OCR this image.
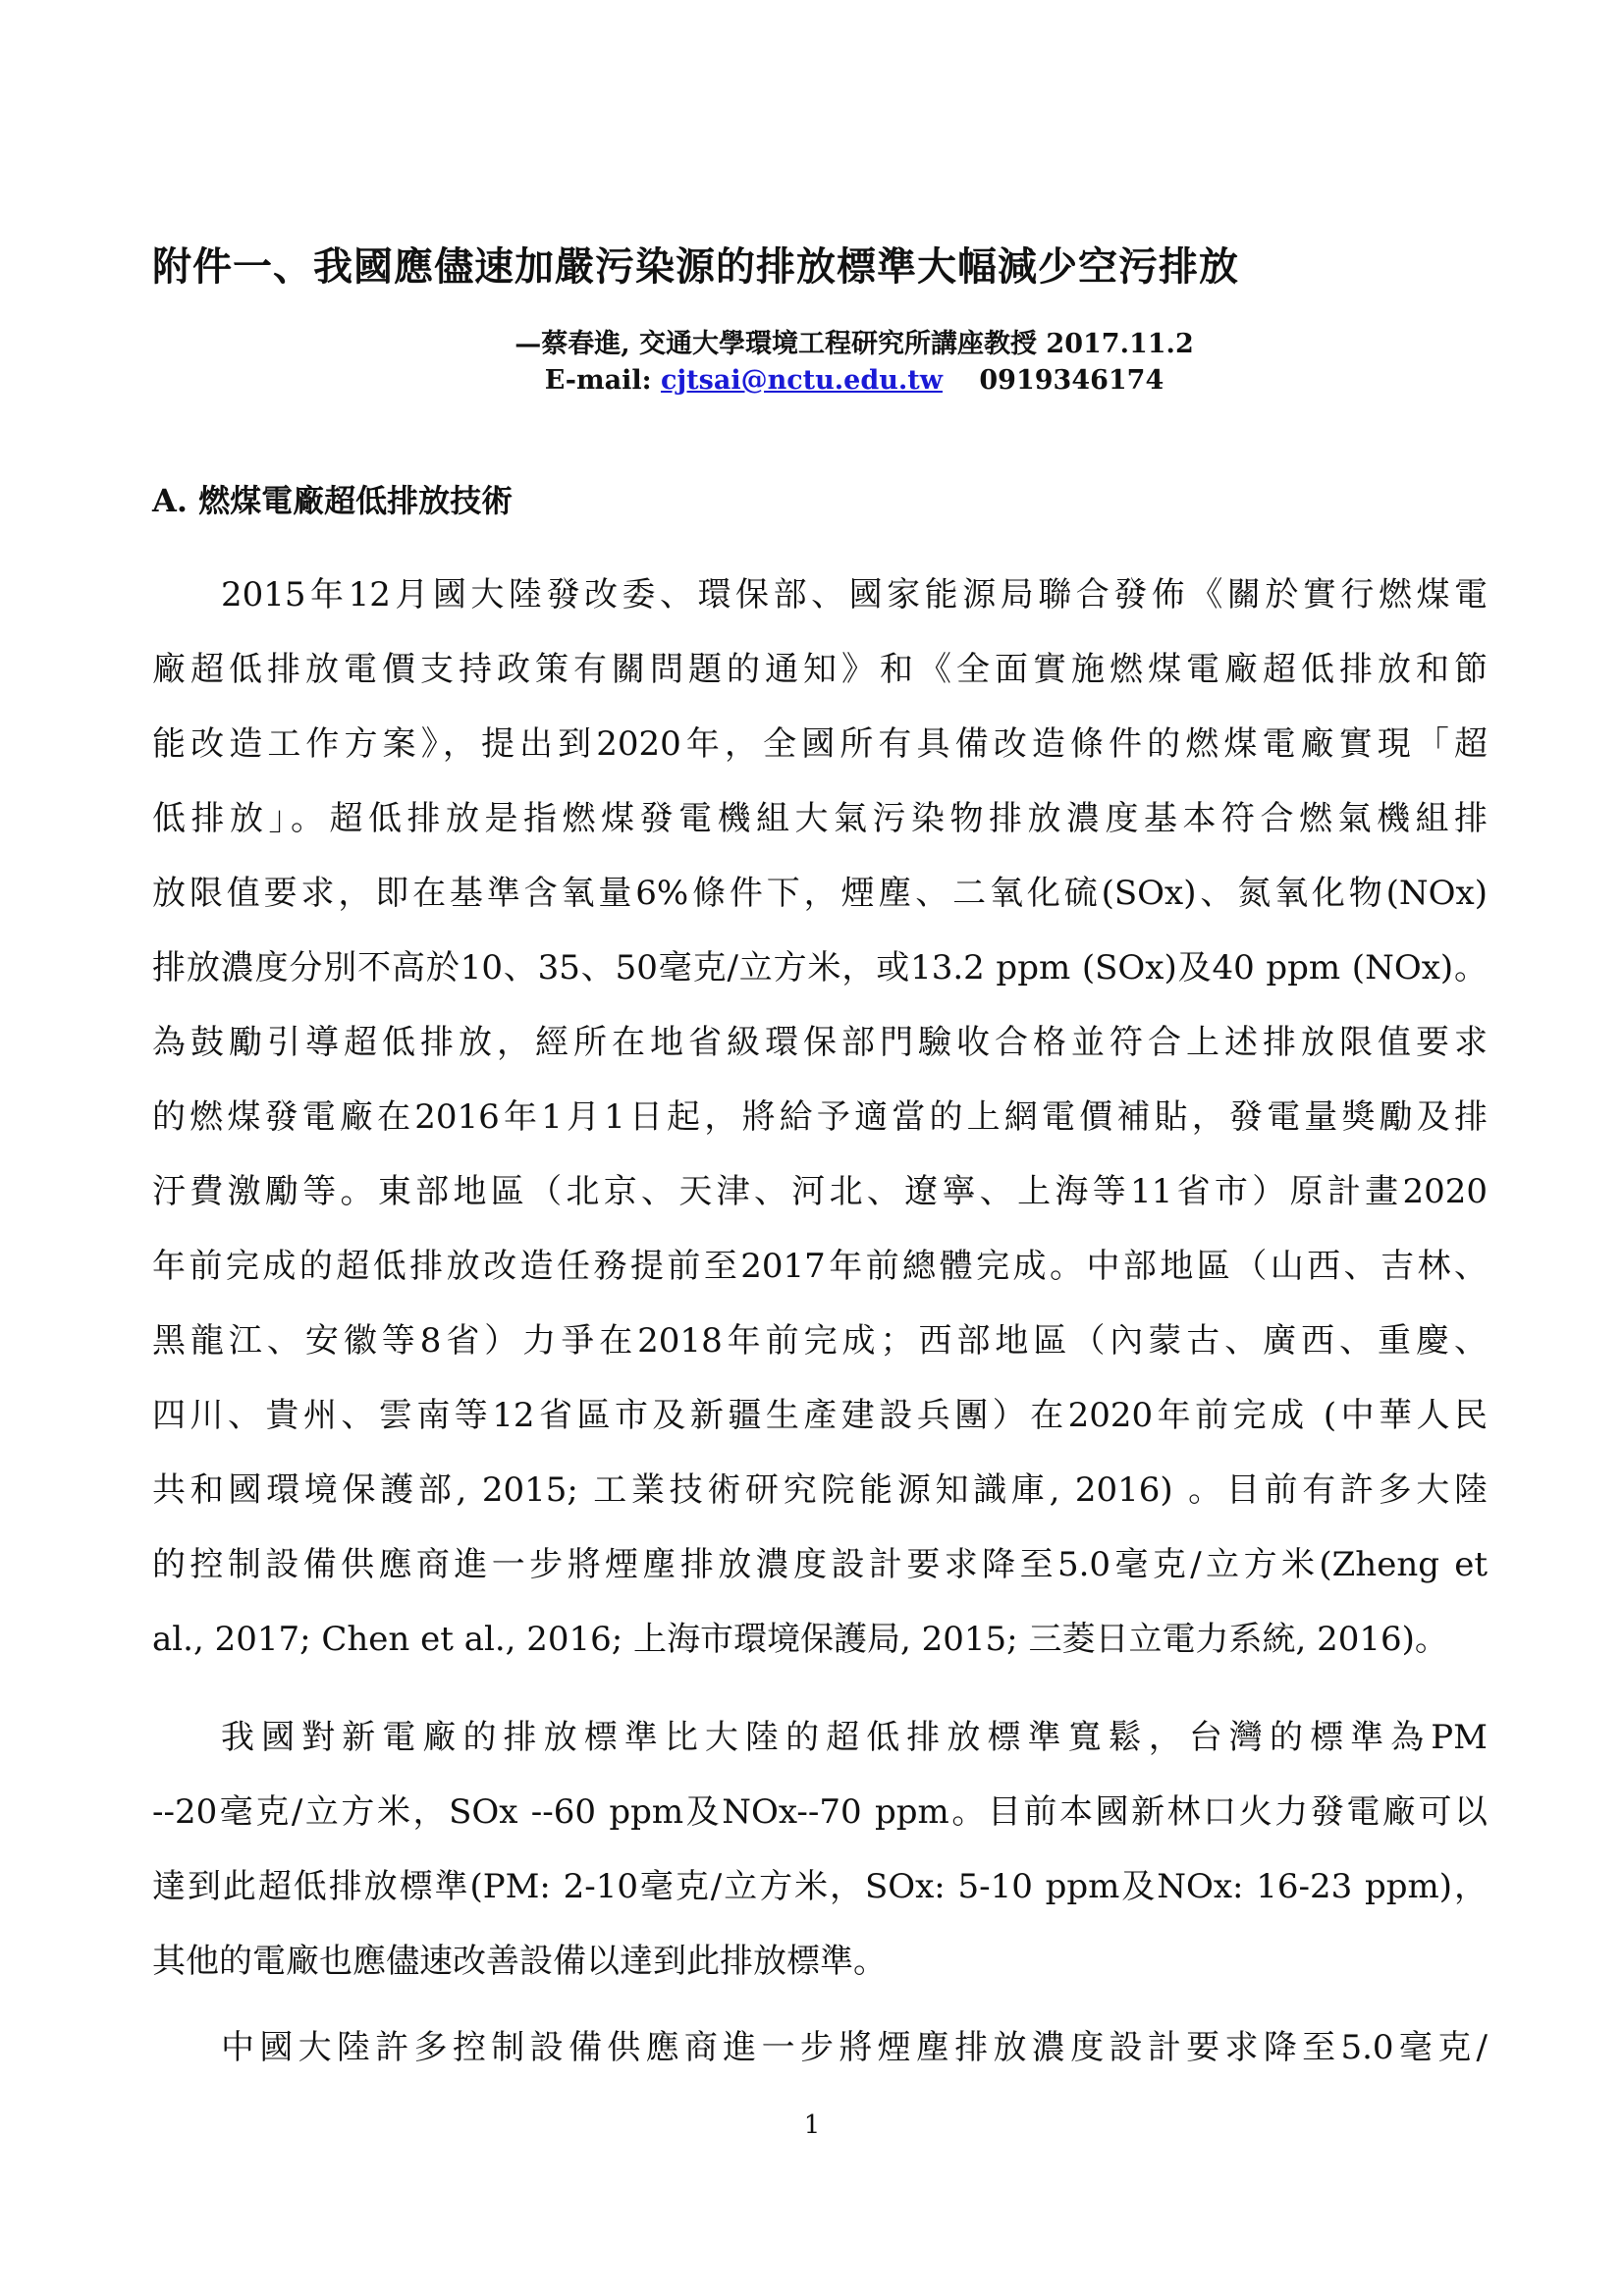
附件一、我國應儘速加嚴污染源的排放標準大幅減少空污排放
—蔡春進, 交通大學環境工程研究所講座教授 2017.11.2
E-mail: cjtsai@nctu.edu.tw 0919346174
A. 燃煤電廠超低排放技術
2015年12月國大陸發改委、環保部、國家能源局聯合發佈《關於實行燃煤電
廠超低排放電價支持政策有關問題的通知》和《全面實施燃煤電廠超低排放和節
能改造工作方案》，提出到2020年，全國所有具備改造條件的燃煤電廠實現「超
低排放」。超低排放是指燃煤發電機組大氣污染物排放濃度基本符合燃氣機組排
放限值要求，即在基準含氧量6%條件下，煙塵、二氧化硫(SOx)、氮氧化物(NOx)
排放濃度分別不高於10、35、50毫克/立方米，或13.2 ppm (SOx)及40 ppm (NOx)。
為鼓勵引導超低排放，經所在地省級環保部門驗收合格並符合上述排放限值要求
的燃煤發電廠在2016年1月1日起，將給予適當的上網電價補貼，發電量獎勵及排
汙費激勵等。東部地區（北京、天津、河北、遼寧、上海等11省市）原計畫2020
年前完成的超低排放改造任務提前至2017年前總體完成。中部地區（山西、吉林、
黑龍江、安徽等8省）力爭在2018年前完成；西部地區（內蒙古、廣西、重慶、
四川、貴州、雲南等12省區市及新疆生產建設兵團）在2020年前完成 (中華人民
共和國環境保護部, 2015; 工業技術研究院能源知識庫, 2016) 。目前有許多大陸
的控制設備供應商進一步將煙塵排放濃度設計要求降至5.0毫克/立方米(Zheng et
al., 2017; Chen et al., 2016; 上海市環境保護局, 2015; 三菱日立電力系統, 2016)。
我國對新電廠的排放標準比大陸的超低排放標準寬鬆，台灣的標準為PM
--20毫克/立方米，SOx --60 ppm及NOx--70 ppm。目前本國新林口火力發電廠可以
達到此超低排放標準(PM: 2-10毫克/立方米，SOx: 5-10 ppm及NOx: 16-23 ppm)，
其他的電廠也應儘速改善設備以達到此排放標準。
中國大陸許多控制設備供應商進一步將煙塵排放濃度設計要求降至5.0毫克/
1
